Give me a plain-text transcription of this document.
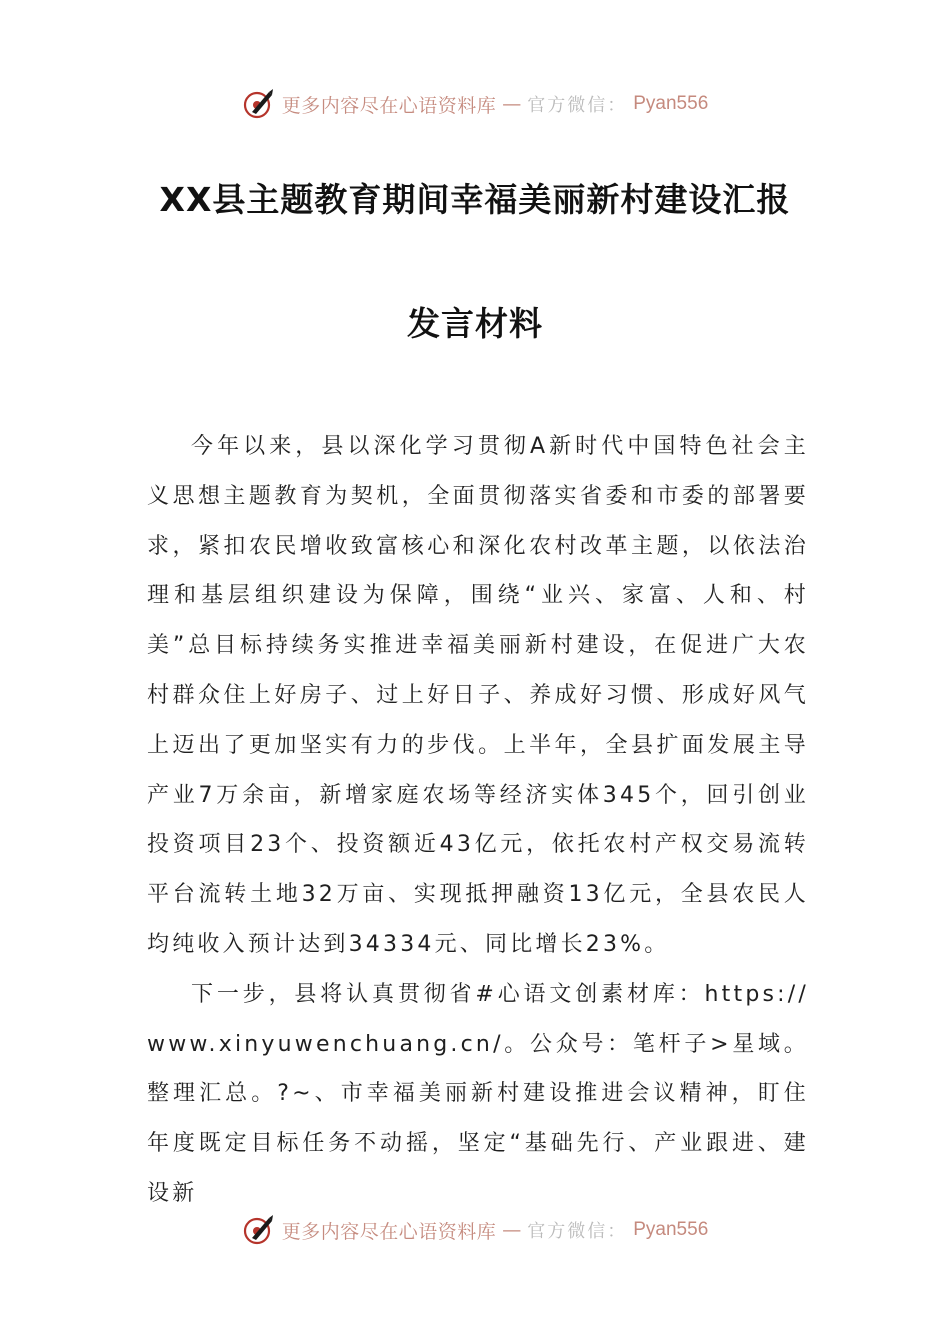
更多内容尽在心语资料库 — 官方微信： Pyan556
XX县主题教育期间幸福美丽新村建设汇报
发言材料

今年以来，县以深化学习贯彻A新时代中国特色社会主义思想主题教育为契机，全面贯彻落实省委和市委的部署要求，紧扣农民增收致富核心和深化农村改革主题，以依法治理和基层组织建设为保障，围绕“业兴、家富、人和、村美”总目标持续务实推进幸福美丽新村建设，在促进广大农村群众住上好房子、过上好日子、养成好习惯、形成好风气上迈出了更加坚实有力的步伐。上半年，全县扩面发展主导产业7万余亩，新增家庭农场等经济实体345个，回引创业投资项目23个、投资额近43亿元，依托农村产权交易流转平台流转土地32万亩、实现抵押融资13亿元，全县农民人均纯收入预计达到34334元、同比增长23%。

下一步，县将认真贯彻省#心语文创素材库：https://www.xinyuwenchuang.cn/。公众号：笔杆子>星域。整理汇总。?~、市幸福美丽新村建设推进会议精神，盯住年度既定目标任务不动摇，坚定“基础先行、产业跟进、建设新

更多内容尽在心语资料库 — 官方微信： Pyan556
